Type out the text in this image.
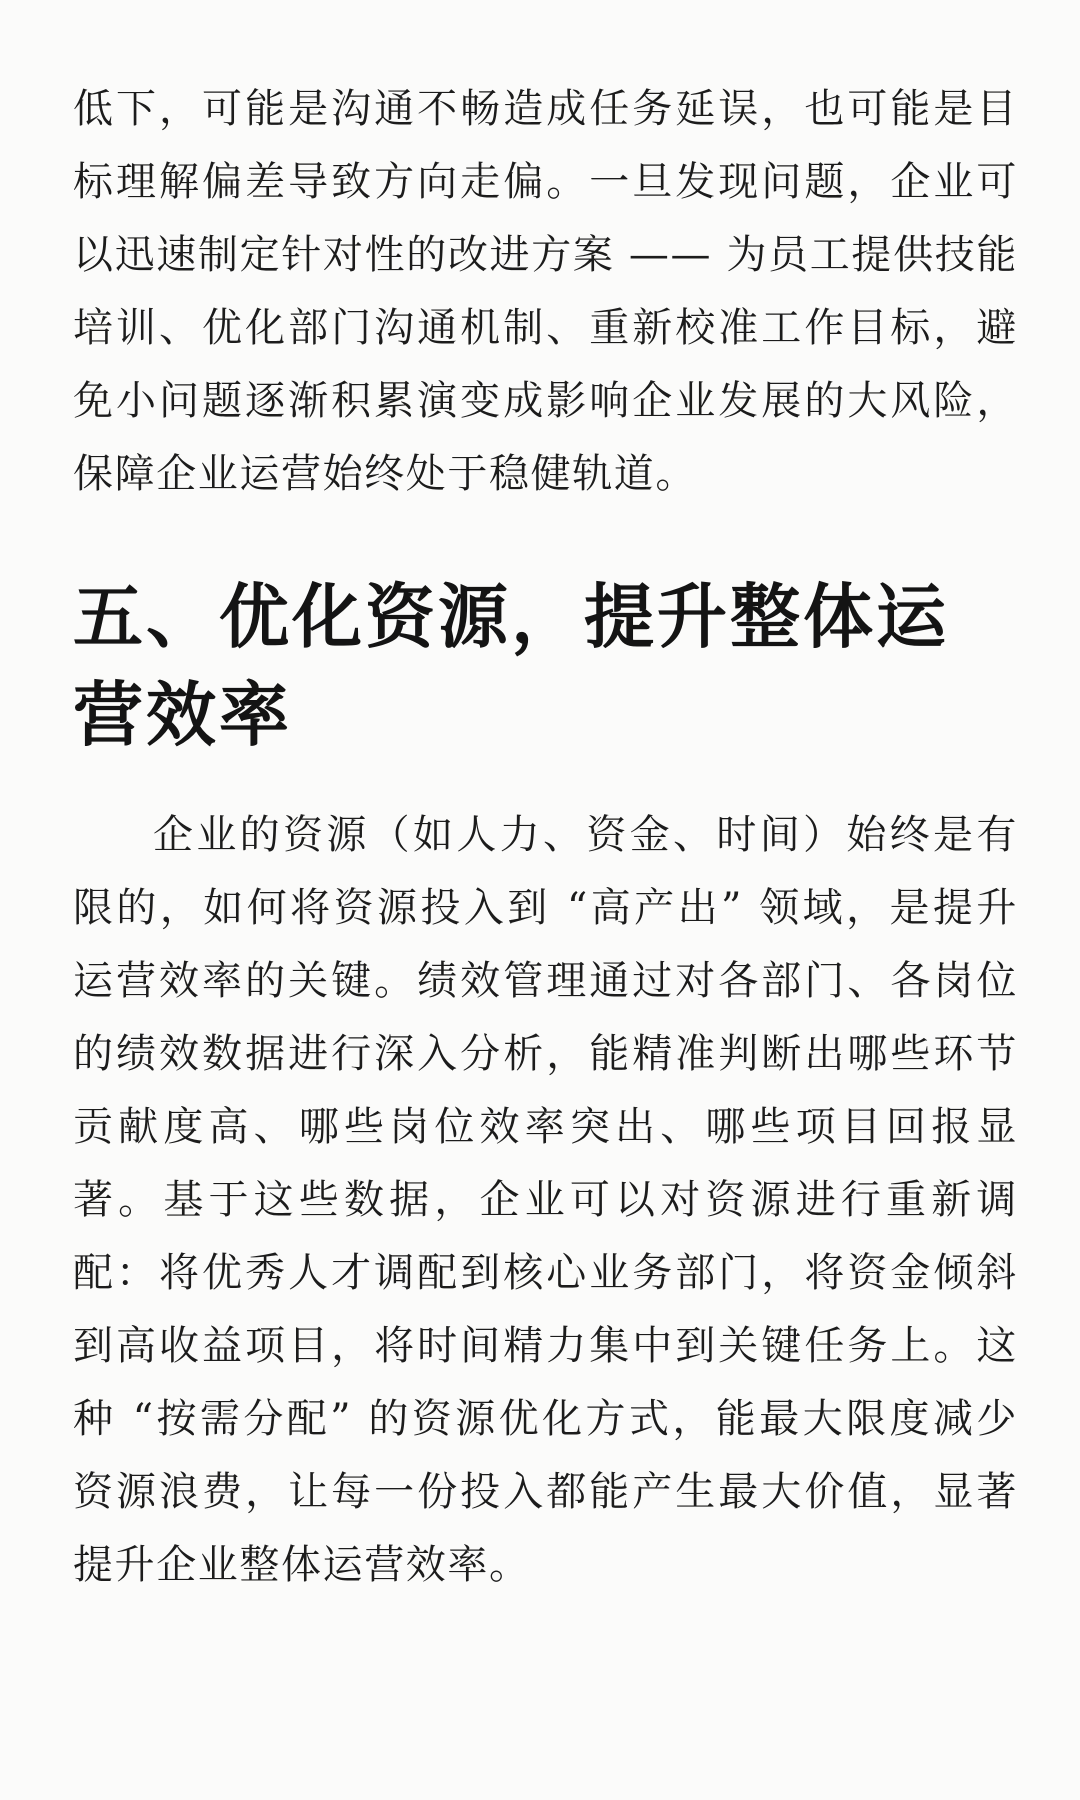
低下，可能是沟通不畅造成任务延误，也可能是目标理解偏差导致方向走偏。一旦发现问题，企业可以迅速制定针对性的改进方案 —— 为员工提供技能培训、优化部门沟通机制、重新校准工作目标，避免小问题逐渐积累演变成影响企业发展的大风险，保障企业运营始终处于稳健轨道。

五、优化资源，提升整体运营效率

企业的资源（如人力、资金、时间）始终是有限的，如何将资源投入到 “高产出” 领域，是提升运营效率的关键。绩效管理通过对各部门、各岗位的绩效数据进行深入分析，能精准判断出哪些环节贡献度高、哪些岗位效率突出、哪些项目回报显著。基于这些数据，企业可以对资源进行重新调配：将优秀人才调配到核心业务部门，将资金倾斜到高收益项目，将时间精力集中到关键任务上。这种 “按需分配” 的资源优化方式，能最大限度减少资源浪费，让每一份投入都能产生最大价值，显著提升企业整体运营效率。
